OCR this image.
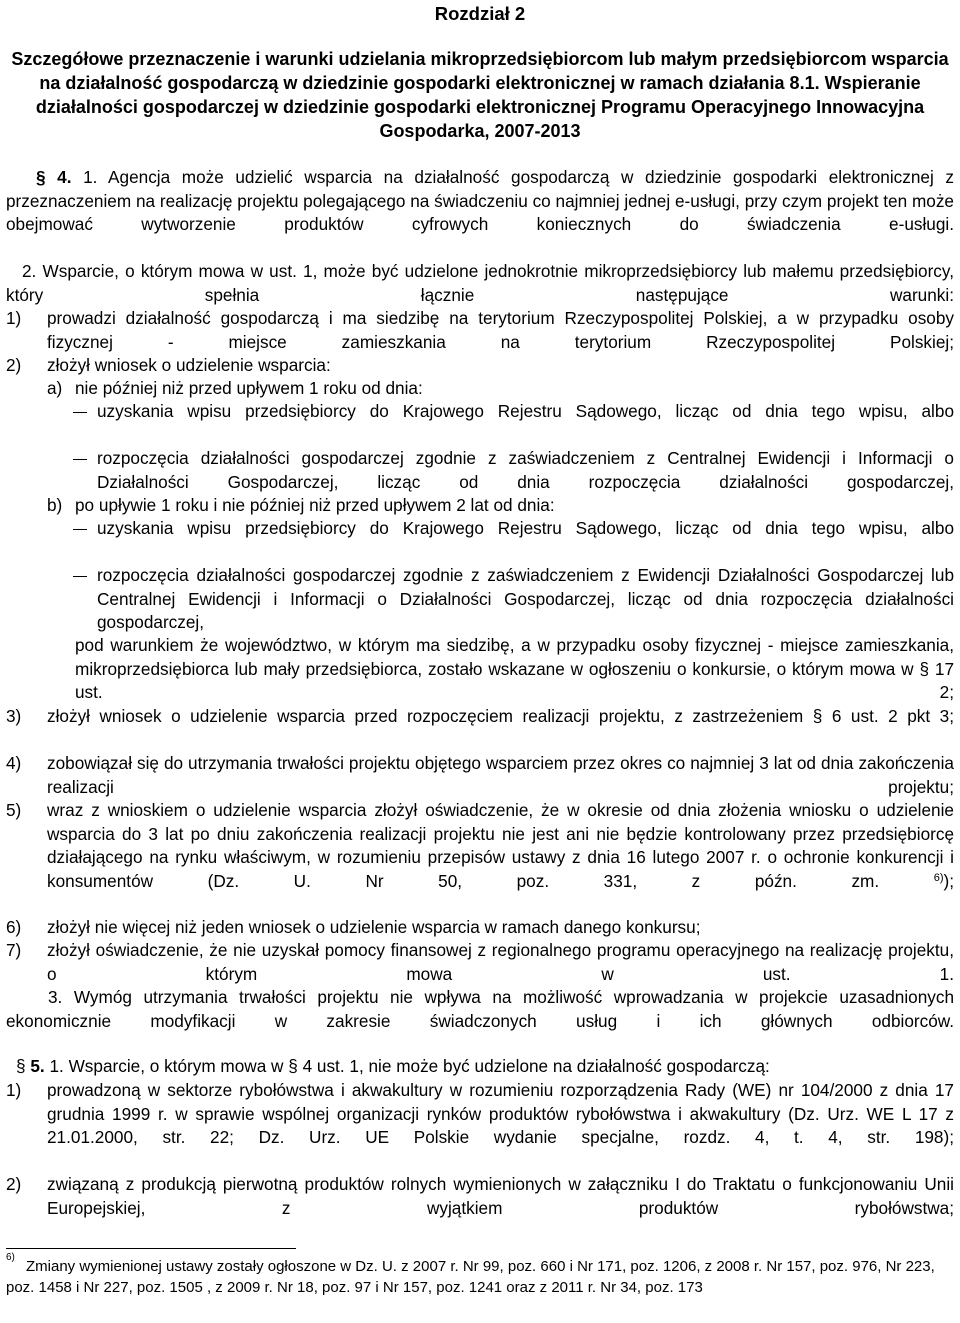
Rozdział 2
Szczegółowe przeznaczenie i warunki udzielania mikroprzedsiębiorcom lub małym przedsiębiorcom wsparcia na działalność gospodarczą w dziedzinie gospodarki elektronicznej w ramach działania 8.1. Wspieranie działalności gospodarczej w dziedzinie gospodarki elektronicznej Programu Operacyjnego Innowacyjna Gospodarka, 2007-2013

§ 4. 1. Agencja może udzielić wsparcia na działalność gospodarczą w dziedzinie gospodarki elektronicznej z przeznaczeniem na realizację projektu polegającego na świadczeniu co najmniej jednej e-usługi, przy czym projekt ten może obejmować wytworzenie produktów cyfrowych koniecznych do świadczenia e-usługi.

2. Wsparcie, o którym mowa w ust. 1, może być udzielone jednokrotnie mikroprzedsiębiorcy lub małemu przedsiębiorcy, który spełnia łącznie następujące warunki:

1) prowadzi działalność gospodarczą i ma siedzibę na terytorium Rzeczypospolitej Polskiej, a w przypadku osoby fizycznej - miejsce zamieszkania na terytorium Rzeczypospolitej Polskiej;

2) złożył wniosek o udzielenie wsparcia:

a) nie później niż przed upływem 1 roku od dnia:

uzyskania wpisu przedsiębiorcy do Krajowego Rejestru Sądowego, licząc od dnia tego wpisu, albo

rozpoczęcia działalności gospodarczej zgodnie z zaświadczeniem z Centralnej Ewidencji i Informacji o Działalności Gospodarczej, licząc od dnia rozpoczęcia działalności gospodarczej,

b) po upływie 1 roku i nie później niż przed upływem 2 lat od dnia:

uzyskania wpisu przedsiębiorcy do Krajowego Rejestru Sądowego, licząc od dnia tego wpisu, albo

rozpoczęcia działalności gospodarczej zgodnie z zaświadczeniem z Ewidencji Działalności Gospodarczej lub Centralnej Ewidencji i Informacji o Działalności Gospodarczej, licząc od dnia rozpoczęcia działalności gospodarczej,

pod warunkiem że województwo, w którym ma siedzibę, a w przypadku osoby fizycznej - miejsce zamieszkania, mikroprzedsiębiorca lub mały przedsiębiorca, zostało wskazane w ogłoszeniu o konkursie, o którym mowa w § 17 ust. 2;

3) złożył wniosek o udzielenie wsparcia przed rozpoczęciem realizacji projektu, z zastrzeżeniem § 6 ust. 2 pkt 3;

4) zobowiązał się do utrzymania trwałości projektu objętego wsparciem przez okres co najmniej 3 lat od dnia zakończenia realizacji projektu;

5) wraz z wnioskiem o udzielenie wsparcia złożył oświadczenie, że w okresie od dnia złożenia wniosku o udzielenie wsparcia do 3 lat po dniu zakończenia realizacji projektu nie jest ani nie będzie kontrolowany przez przedsiębiorcę działającego na rynku właściwym, w rozumieniu przepisów ustawy z dnia 16 lutego 2007 r. o ochronie konkurencji i konsumentów (Dz. U. Nr 50, poz. 331, z późn. zm.	$^{6)}$);

6) złożył nie więcej niż jeden wniosek o udzielenie wsparcia w ramach danego konkursu;

7) złożył oświadczenie, że nie uzyskał pomocy finansowej z regionalnego programu operacyjnego na realizację projektu, o którym mowa w ust. 1.

3. Wymóg utrzymania trwałości projektu nie wpływa na możliwość wprowadzania w projekcie uzasadnionych ekonomicznie modyfikacji w zakresie świadczonych usług i ich głównych odbiorców.

§ 5. 1. Wsparcie, o którym mowa w § 4 ust. 1, nie może być udzielone na działalność gospodarczą:

1) prowadzoną w sektorze rybołówstwa i akwakultury w rozumieniu rozporządzenia Rady (WE) nr 104/2000 z dnia 17 grudnia 1999 r. w sprawie wspólnej organizacji rynków produktów rybołówstwa i akwakultury (Dz. Urz. WE L 17 z 21.01.2000, str. 22; Dz. Urz. UE Polskie wydanie specjalne, rozdz. 4, t. 4, str. 198);

2) związaną z produkcją pierwotną produktów rolnych wymienionych w załączniku I do Traktatu o funkcjonowaniu Unii Europejskiej, z wyjątkiem produktów rybołówstwa;

6)

Zmiany wymienionej ustawy zostały ogłoszone w Dz. U. z 2007 r. Nr 99, poz. 660 i Nr 171, poz. 1206, z 2008 r. Nr 157, poz. 976, Nr 223, poz. 1458 i Nr 227, poz. 1505 , z 2009 r. Nr 18, poz. 97 i Nr 157, poz. 1241 oraz z 2011 r. Nr 34, poz. 173
